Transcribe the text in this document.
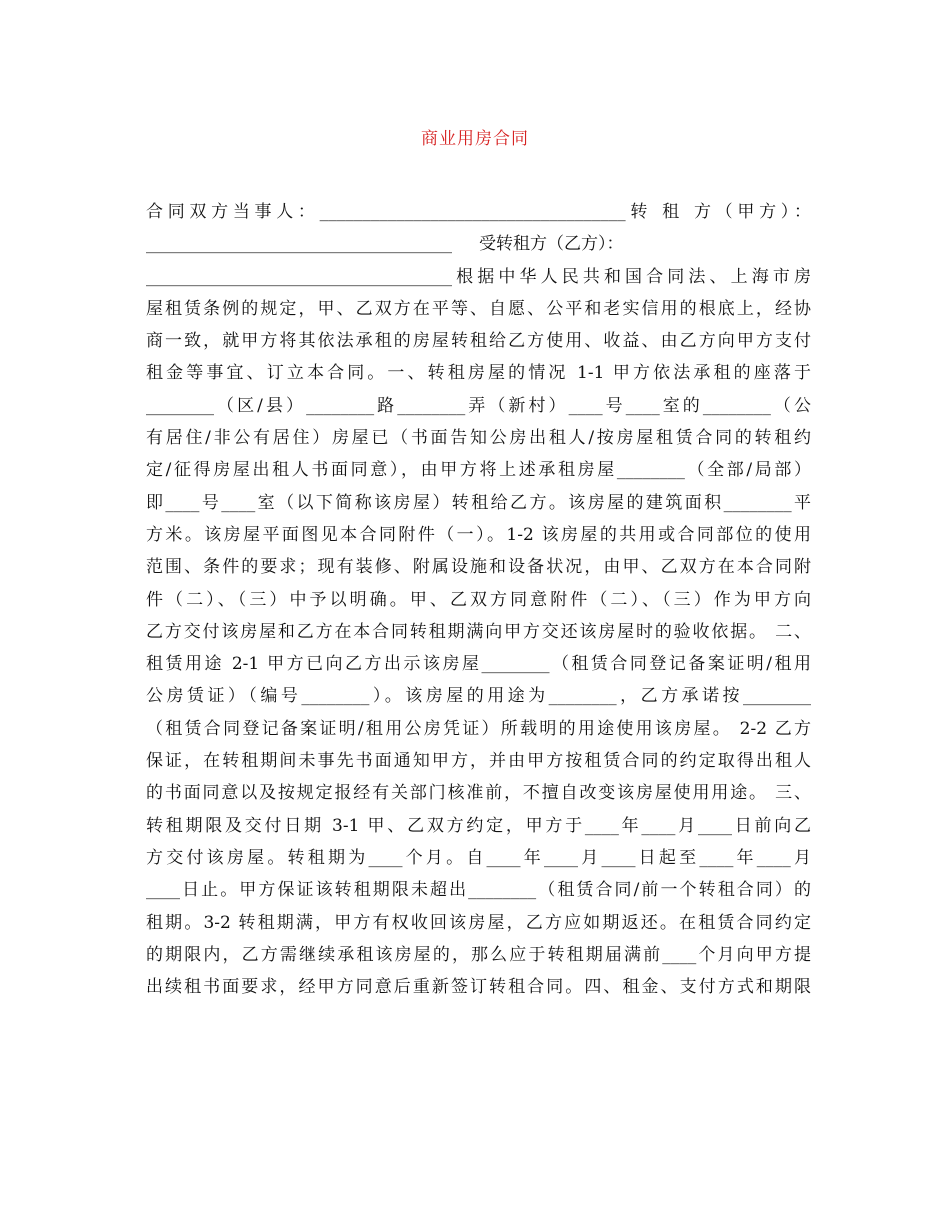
商业用房合同
合同双方当事人：____________________________________转 租 方（甲方）：
____________________________________     受转租方（乙方）：
____________________________________根据中华人民共和国合同法、上海市房
屋租赁条例的规定，甲、乙双方在平等、自愿、公平和老实信用的根底上，经协
商一致，就甲方将其依法承租的房屋转租给乙方使用、收益、由乙方向甲方支付
租金等事宜、订立本合同。一、转租房屋的情况 1-1 甲方依法承租的座落于
________（区/县）________路________弄（新村）____号____室的________（公
有居住/非公有居住）房屋已（书面告知公房出租人/按房屋租赁合同的转租约
定/征得房屋出租人书面同意），由甲方将上述承租房屋________（全部/局部）
即____号____室（以下简称该房屋）转租给乙方。该房屋的建筑面积________平
方米。该房屋平面图见本合同附件（一）。1-2 该房屋的共用或合同部位的使用
范围、条件的要求；现有装修、附属设施和设备状况，由甲、乙双方在本合同附
件（二）、（三）中予以明确。甲、乙双方同意附件（二）、（三）作为甲方向
乙方交付该房屋和乙方在本合同转租期满向甲方交还该房屋时的验收依据。 二、
租赁用途 2-1 甲方已向乙方出示该房屋________（租赁合同登记备案证明/租用
公房赁证）（编号________）。该房屋的用途为________，乙方承诺按________
（租赁合同登记备案证明/租用公房凭证）所载明的用途使用该房屋。 2-2 乙方
保证，在转租期间未事先书面通知甲方，并由甲方按租赁合同的约定取得出租人
的书面同意以及按规定报经有关部门核准前，不擅自改变该房屋使用用途。 三、
转租期限及交付日期 3-1 甲、乙双方约定，甲方于____年____月____日前向乙
方交付该房屋。转租期为____个月。自____年____月____日起至____年____月
____日止。甲方保证该转租期限未超出________（租赁合同/前一个转租合同）的
租期。3-2 转租期满，甲方有权收回该房屋，乙方应如期返还。在租赁合同约定
的期限内，乙方需继续承租该房屋的，那么应于转租期届满前____个月向甲方提
出续租书面要求，经甲方同意后重新签订转租合同。四、租金、支付方式和期限
